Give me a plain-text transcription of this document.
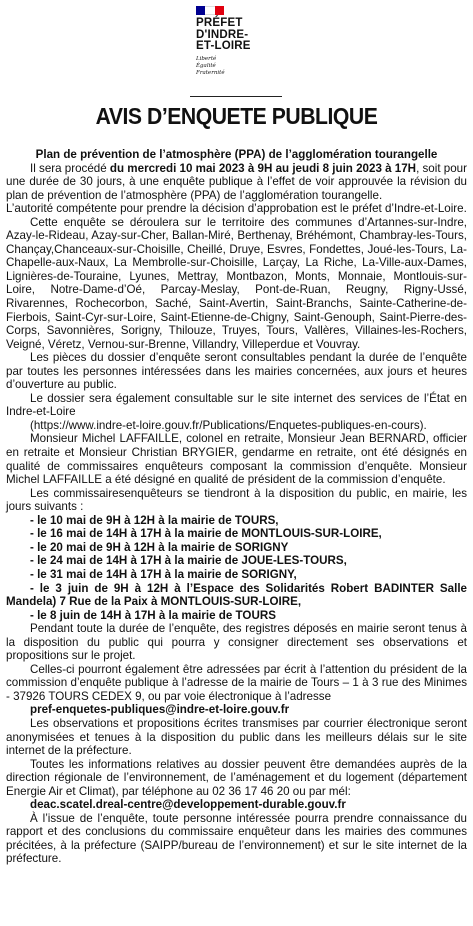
PRÉFET
D'INDRE-
ET-LOIRE
Liberté
Égalité
Fraternité
AVIS D’ENQUETE PUBLIQUE

Plan de prévention de l’atmosphère (PPA) de l’agglomération tourangelle

Il sera procédé du mercredi 10 mai 2023 à 9H au jeudi 8 juin 2023 à 17H, soit pour une durée de 30 jours, à une enquête publique à l’effet de voir approuvée la révision du plan de prévention de l’atmosphère (PPA) de l’agglomération tourangelle.

L’autorité compétente pour prendre la décision d’approbation est le préfet d’Indre-et-Loire.

Cette enquête se déroulera sur le territoire des communes d’Artannes-sur-Indre, Azay-le-Rideau, Azay-sur-Cher, Ballan-Miré, Berthenay, Bréhémont, Chambray-les-Tours, Chançay,Chanceaux-sur-Choisille, Cheillé, Druye, Esvres, Fondettes, Joué-les-Tours, La-Chapelle-aux-Naux, La Membrolle-sur-Choisille, Larçay, La Riche, La-Ville-aux-Dames, Lignières-de-Touraine, Lyunes, Mettray, Montbazon, Monts, Monnaie, Montlouis-sur-Loire, Notre-Dame-d’Oé, Parcay-Meslay, Pont-de-Ruan, Reugny, Rigny-Ussé, Rivarennes, Rochecorbon, Saché, Saint-Avertin, Saint-Branchs, Sainte-Catherine-de-Fierbois, Saint-Cyr-sur-Loire, Saint-Etienne-de-Chigny, Saint-Genouph, Saint-Pierre-des-Corps, Savonnières, Sorigny, Thilouze, Truyes, Tours, Vallères, Villaines-les-Rochers, Veigné, Véretz, Vernou-sur-Brenne, Villandry, Villeperdue et Vouvray.

Les pièces du dossier d’enquête seront consultables pendant la durée de l’enquête par toutes les personnes intéressées dans les mairies concernées, aux jours et heures d’ouverture au public.

Le dossier sera également consultable sur le site internet des services de l’État en Indre-et-Loire

(https://www.indre-et-loire.gouv.fr/Publications/Enquetes-publiques-en-cours).

Monsieur Michel LAFFAILLE, colonel en retraite, Monsieur Jean BERNARD, officier en retraite et Monsieur Christian BRYGIER, gendarme en retraite, ont été désignés en qualité de commissaires enquêteurs composant la commission d’enquête. Monsieur Michel LAFFAILLE a été désigné en qualité de président de la commission d’enquête.

Les commissairesenquêteurs se tiendront à la disposition du public, en mairie, les jours suivants :

- le 10 mai de 9H à 12H à la mairie de TOURS,

- le 16 mai de 14H à 17H à la mairie de MONTLOUIS-SUR-LOIRE,

- le 20 mai de 9H à 12H à la mairie de SORIGNY

- le 24 mai de 14H à 17H à la mairie de JOUE-LES-TOURS,

- le 31 mai de 14H à 17H à la mairie de SORIGNY,

- le 3 juin de 9H à 12H à l’Espace des Solidarités Robert BADINTER Salle Mandela) 7 Rue de la Paix à MONTLOUIS-SUR-LOIRE,

- le 8 juin de 14H à 17H à la mairie de TOURS

Pendant toute la durée de l’enquête, des registres déposés en mairie seront tenus à la disposition du public qui pourra y consigner directement ses observations et propositions sur le projet.

Celles-ci pourront également être adressées par écrit à l’attention du président de la commission d’enquête publique à l’adresse de la mairie de Tours – 1 à 3 rue des Minimes - 37926 TOURS CEDEX 9, ou par voie électronique à l’adresse

pref-enquetes-publiques@indre-et-loire.gouv.fr

Les observations et propositions écrites transmises par courrier électronique seront anonymisées et tenues à la disposition du public dans les meilleurs délais sur le site internet de la préfecture.

Toutes les informations relatives au dossier peuvent être demandées auprès de la direction régionale de l’environnement, de l’aménagement et du logement (département Energie Air et Climat), par téléphone au 02 36 17 46 20 ou par mél:

deac.scatel.dreal-centre@developpement-durable.gouv.fr

À l’issue de l’enquête, toute personne intéressée pourra prendre connaissance du rapport et des conclusions du commissaire enquêteur dans les mairies des communes précitées, à la préfecture (SAIPP/bureau de l’environnement) et sur le site internet de la préfecture.
